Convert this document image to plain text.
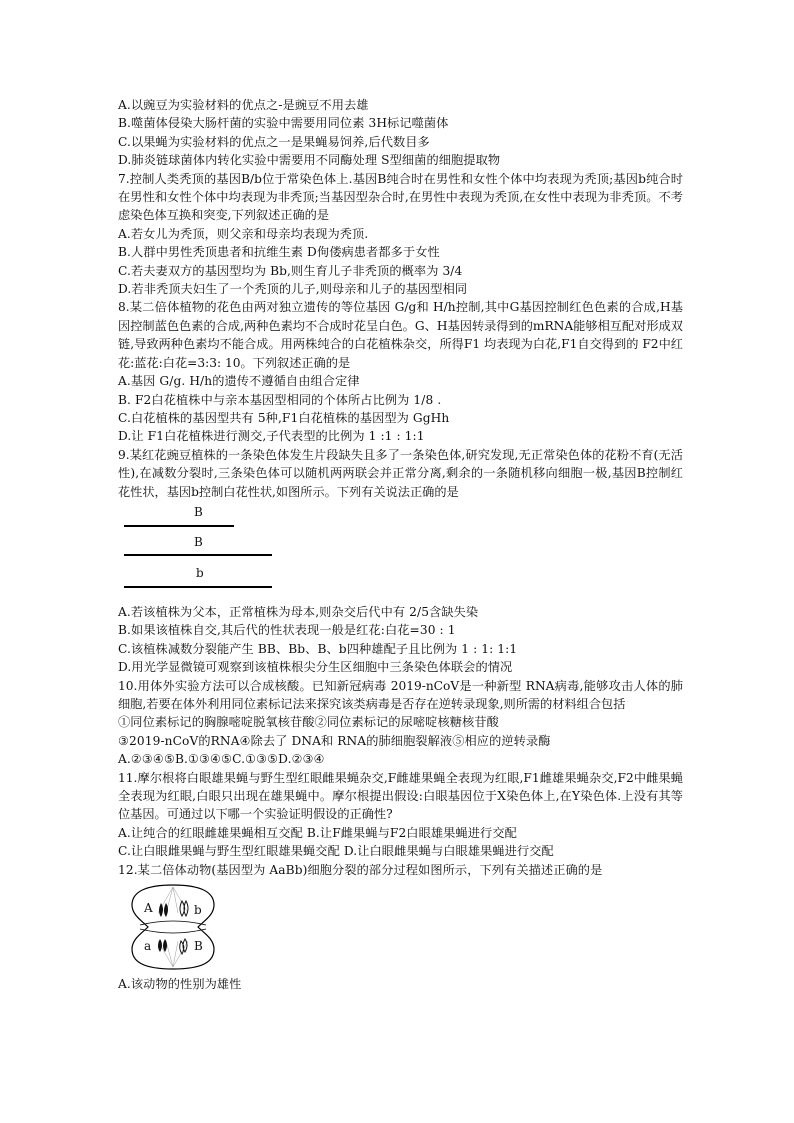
A.以豌豆为实验材料的优点之-是豌豆不用去雄
B.噬菌体侵染大肠杆菌的实验中需要用同位素 3H标记噬菌体
C.以果蝇为实验材料的优点之一是果蝇易饲养,后代数目多
D.肺炎链球菌体内转化实验中需要用不同酶处理 S型细菌的细胞提取物
7.控制人类秃顶的基因B/b位于常染色体上.基因B纯合时在男性和女性个体中均表现为秃顶;基因b纯合时在男性和女性个体中均表现为非秃顶;当基因型杂合时,在男性中表现为秃顶,在女性中表现为非秃顶。不考虑染色体互换和突变,下列叙述正确的是
A.若女儿为秃顶，则父亲和母亲均表现为秃顶.
B.人群中男性秃顶患者和抗维生素 D佝偻病患者都多于女性
C.若夫妻双方的基因型均为 Bb,则生育儿子非秃顶的概率为 3/4
D.若非秃顶夫妇生了一个秃顶的儿子,则母亲和儿子的基因型相同
8.某二倍体植物的花色由两对独立遗传的等位基因 G/g和 H/h控制,其中G基因控制红色色素的合成,H基因控制蓝色色素的合成,两种色素均不合成时花呈白色。G、H基因转录得到的mRNA能够相互配对形成双链,导致两种色素均不能合成。用两株纯合的白花植株杂交，所得F1 均表现为白花,F1自交得到的 F2中红花:蓝花:白花=3:3: 10。下列叙述正确的是
A.基因 G/g. H/h的遗传不遵循自由组合定律
B. F2白花植株中与亲本基因型相同的个体所占比例为 1/8 .
C.白花植株的基因型共有 5种,F1白花植株的基因型为 GgHh
D.让 F1白花植株进行测交,子代表型的比例为 1 :1 : 1:1
9.某红花豌豆植株的一条染色体发生片段缺失且多了一条染色体,研究发现,无正常染色体的花粉不育(无活性),在减数分裂时,三条染色体可以随机两两联会并正常分离,剩余的一条随机移向细胞一极,基因B控制红花性状，基因b控制白花性状,如图所示。下列有关说法正确的是
B
B
b
A.若该植株为父本，正常植株为母本,则杂交后代中有 2/5含缺失染
B.如果该植株自交,其后代的性状表现一般是红花:白花=30 : 1
C.该植株减数分裂能产生 BB、Bb、B、b四种雄配子且比例为 1 : 1: 1:1
D.用光学显微镜可观察到该植株根尖分生区细胞中三条染色体联会的情况
10.用体外实验方法可以合成核酸。已知新冠病毒 2019-nCoV是一种新型 RNA病毒,能够攻击人体的肺细胞,若要在体外利用同位素标记法来探究该类病毒是否存在逆转录现象,则所需的材料组合包括
①同位素标记的胸腺嘧啶脱氧核苷酸②同位素标记的尿嘧啶核糖核苷酸
③2019-nCoV的RNA④除去了 DNA和 RNA的肺细胞裂解液⑤相应的逆转录酶
A.②③④⑤B.①③④⑤C.①③⑤D.②③④
11.摩尔根将白眼雄果蝇与野生型红眼雌果蝇杂交,F雌雄果蝇全表现为红眼,F1雌雄果蝇杂交,F2中雌果蝇全表现为红眼,白眼只出现在雄果蝇中。摩尔根提出假设:白眼基因位于X染色体上,在Y染色体.上没有其等位基因。可通过以下哪一个实验证明假设的正确性?
A.让纯合的红眼雌雄果蝇相互交配 B.让F雌果蝇与F2白眼雄果蝇进行交配
C.让白眼雌果蝇与野生型红眼雄果蝇交配 D.让白眼雌果蝇与白眼雄果蝇进行交配
12.某二倍体动物(基因型为 AaBb)细胞分裂的部分过程如图所示，下列有关描述正确的是
A	b
a	B
A.该动物的性别为雄性
